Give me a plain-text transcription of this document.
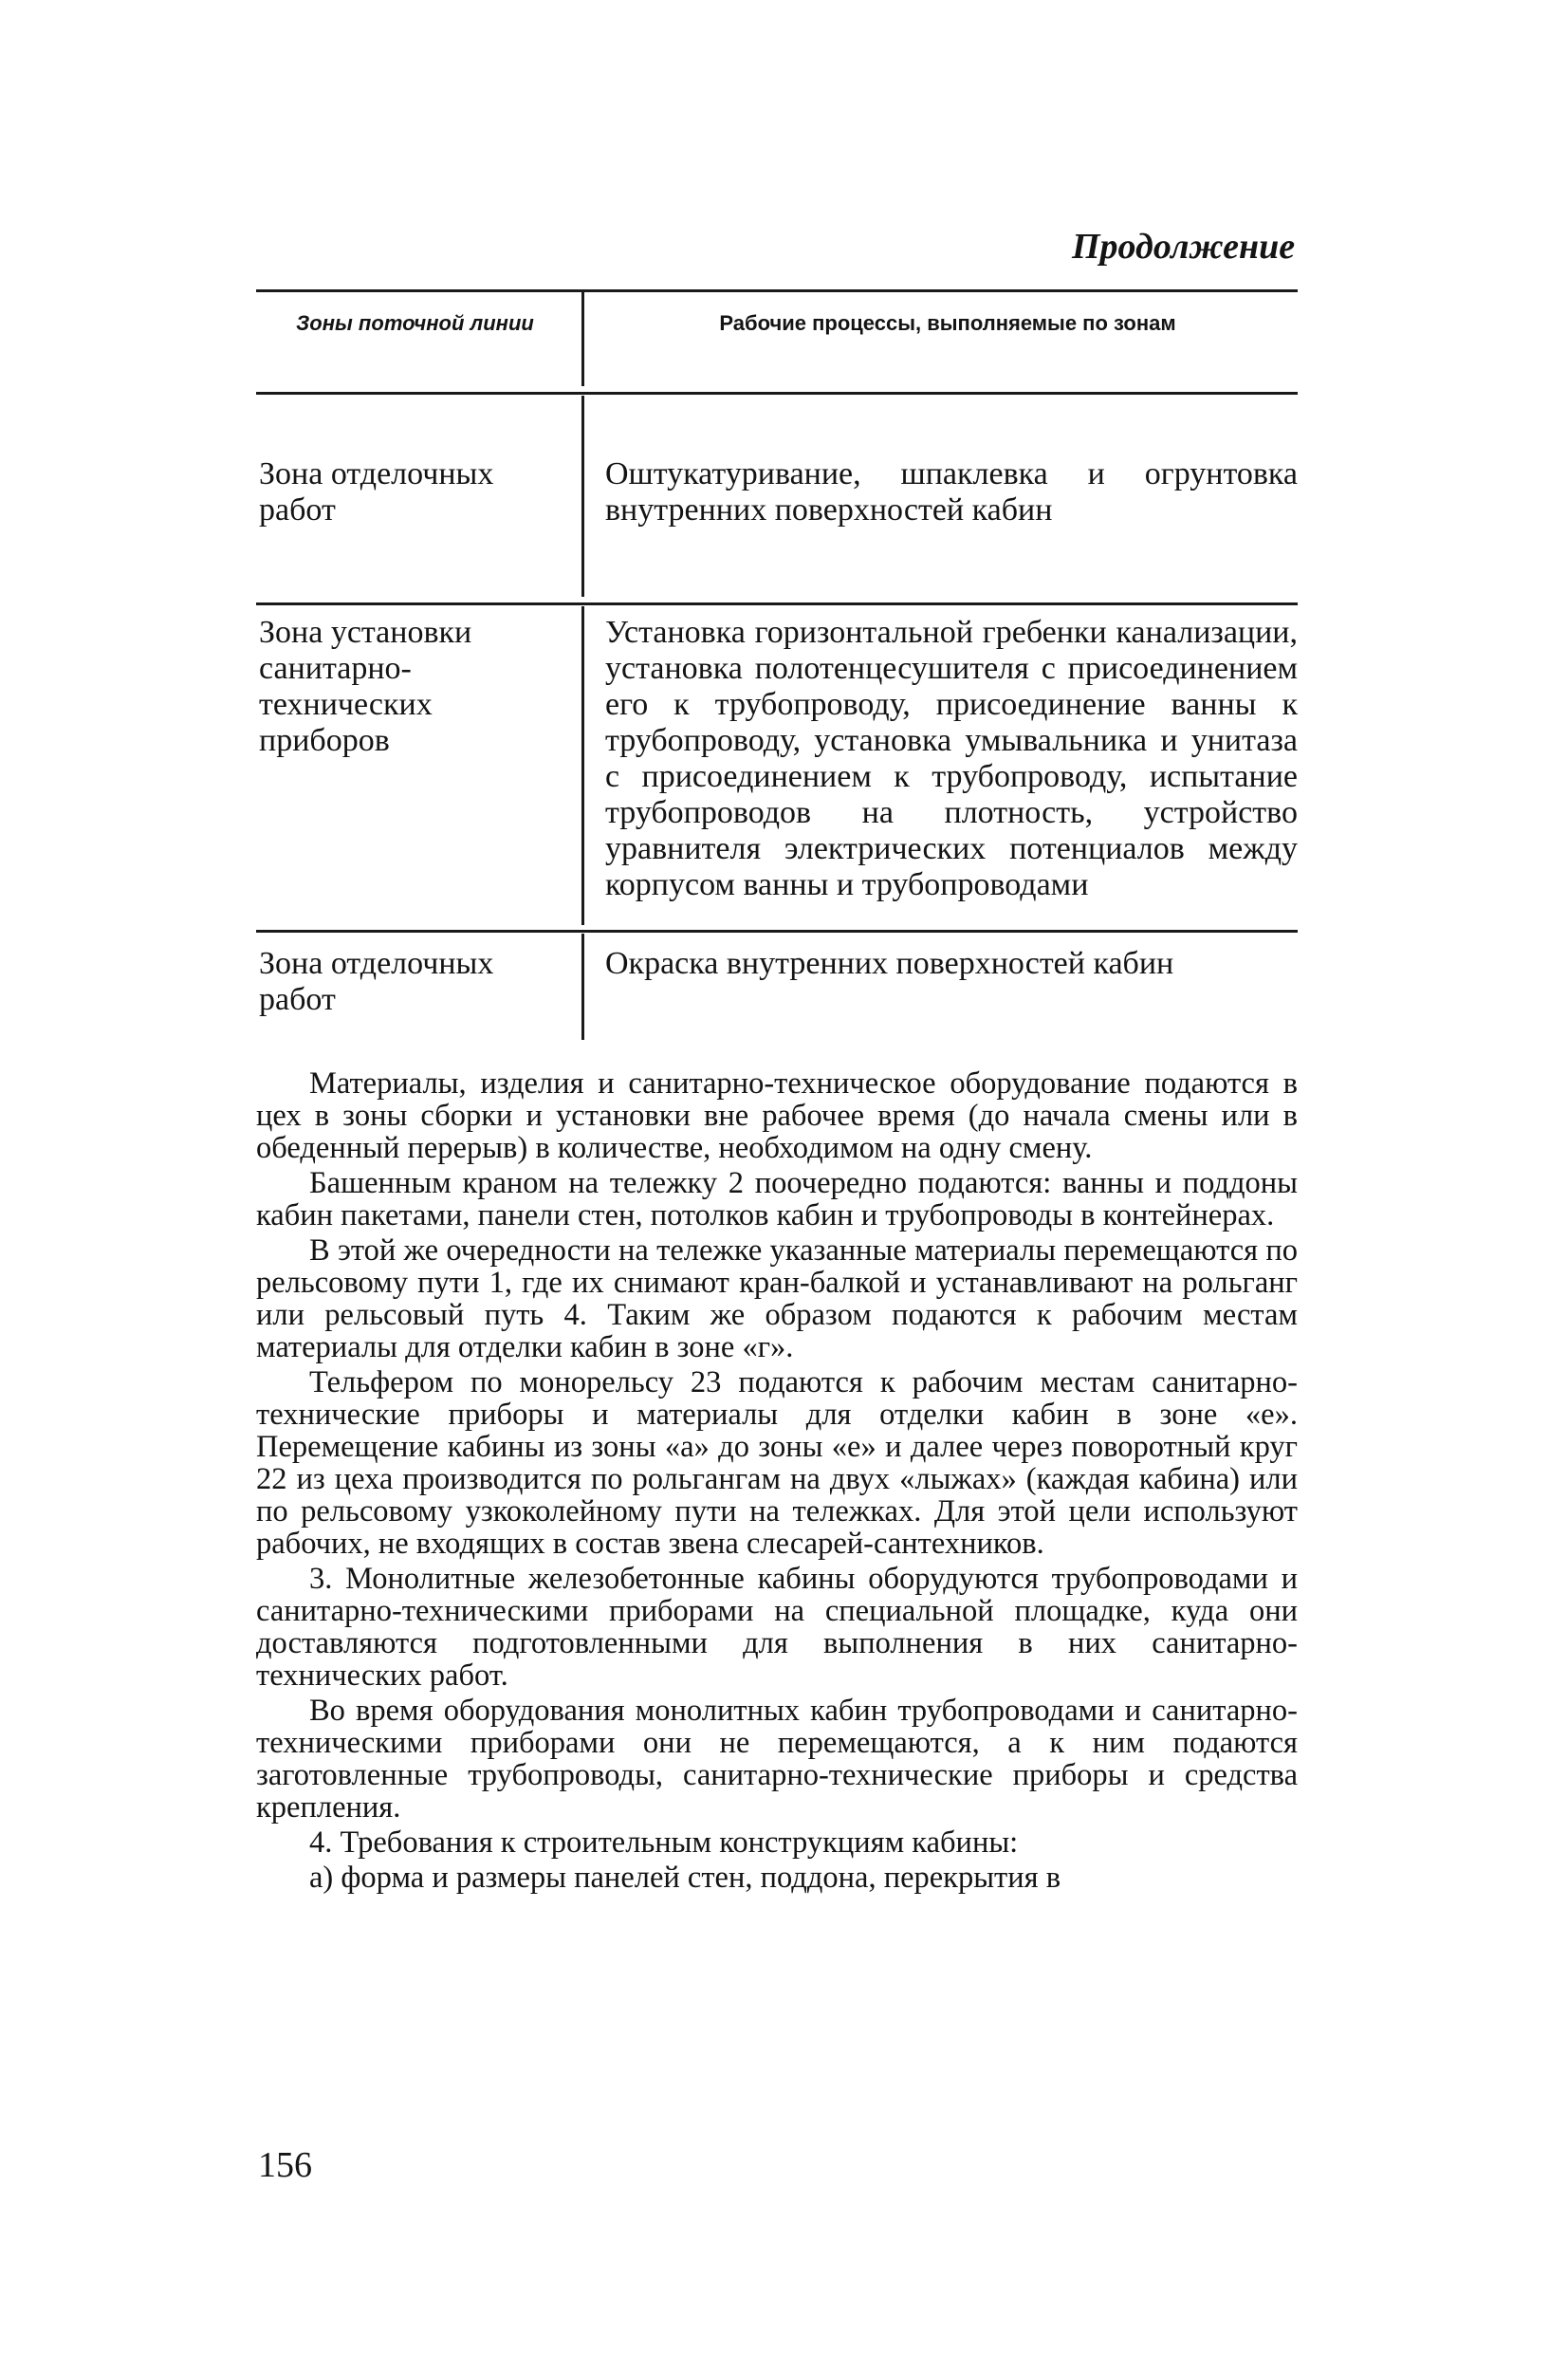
Продолжение
Зоны поточной линии	Рабочие процессы, выполняемые по зонам
Зона отделочных работ
Оштукатуривание, шпаклевка и огрунтовка внутренних поверхностей кабин
Зона установки санитарно-технических приборов
Установка горизонтальной гребенки канализации, установка полотенцесушителя с присоединением его к трубопроводу, присоединение ванны к трубопроводу, установка умывальника и унитаза с присоединением к трубопроводу, испытание трубопроводов на плотность, устройство уравнителя электрических потенциалов между корпусом ванны и трубопроводами
Зона отделочных работ
Окраска внутренних поверхностей кабин

Материалы, изделия и санитарно-техническое оборудование подаются в цех в зоны сборки и установки вне рабочее время (до начала смены или в обеденный перерыв) в количестве, необходимом на одну смену.

Башенным краном на тележку 2 поочередно подаются: ванны и поддоны кабин пакетами, панели стен, потолков кабин и трубопроводы в контейнерах.

В этой же очередности на тележке указанные материалы перемещаются по рельсовому пути 1, где их снимают кран-балкой и устанавливают на рольганг или рельсовый путь 4. Таким же образом подаются к рабочим местам материалы для отделки кабин в зоне «г».

Тельфером по монорельсу 23 подаются к рабочим местам санитарно-технические приборы и материалы для отделки кабин в зоне «е». Перемещение кабины из зоны «а» до зоны «е» и далее через поворотный круг 22 из цеха производится по рольгангам на двух «лыжах» (каждая кабина) или по рельсовому узкоколейному пути на тележках. Для этой цели используют рабочих, не входящих в состав звена слесарей-сантехников.

3. Монолитные железобетонные кабины оборудуются трубопроводами и санитарно-техническими приборами на специальной площадке, куда они доставляются подготовленными для выполнения в них санитарно-технических работ.

Во время оборудования монолитных кабин трубопроводами и санитарно-техническими приборами они не перемещаются, а к ним подаются заготовленные трубопроводы, санитарно-технические приборы и средства крепления.

4. Требования к строительным конструкциям кабины:

а) форма и размеры панелей стен, поддона, перекрытия в

156
